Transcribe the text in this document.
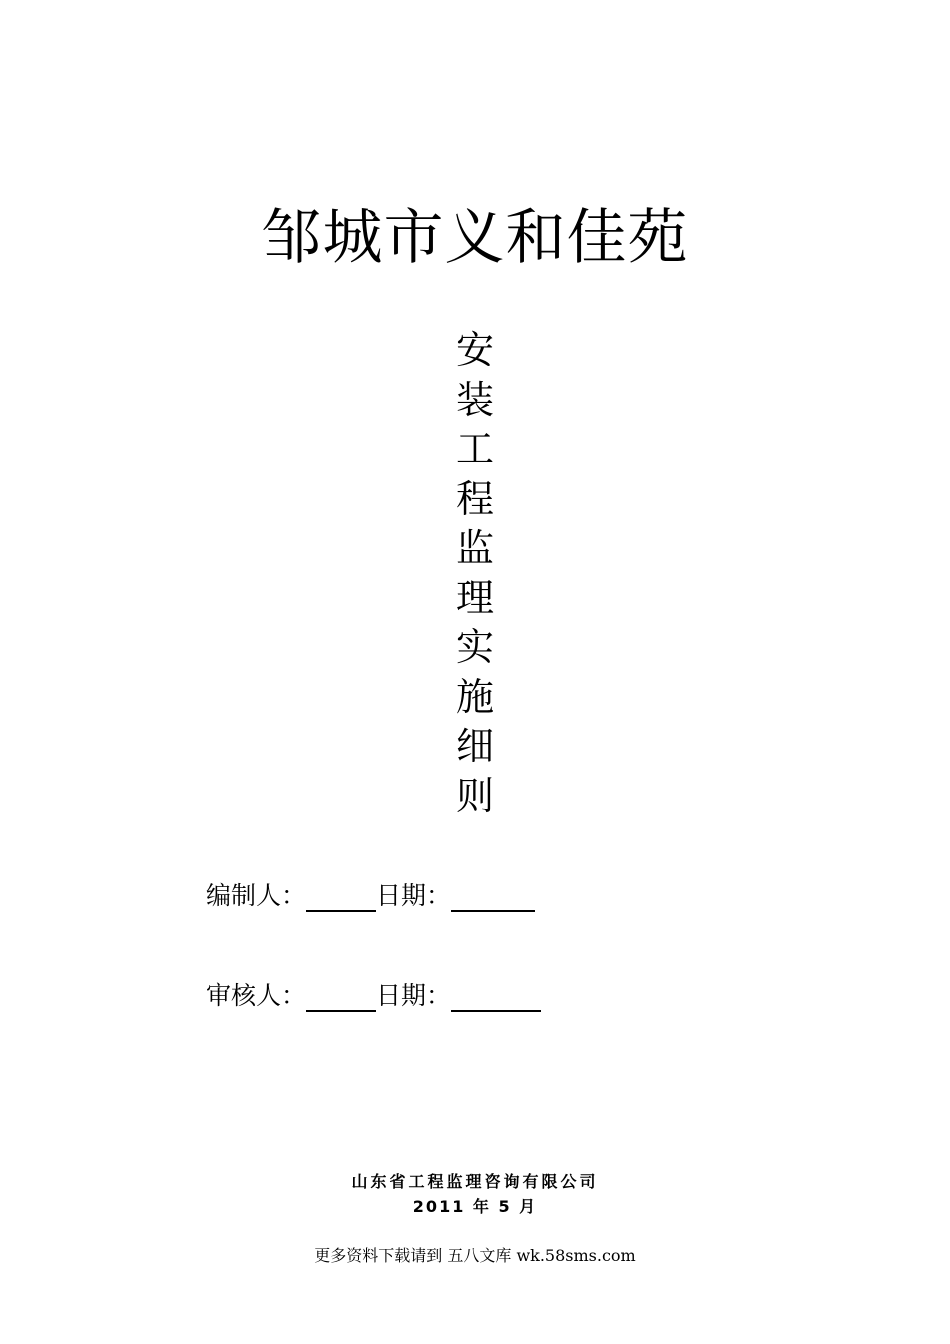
邹城市义和佳苑
安
装
工
程
监
理
实
施
细
则
编制人：	日期：
审核人：	日期：
山东省工程监理咨询有限公司
2011 年 5 月
更多资料下载请到 五八文库 wk.58sms.com
